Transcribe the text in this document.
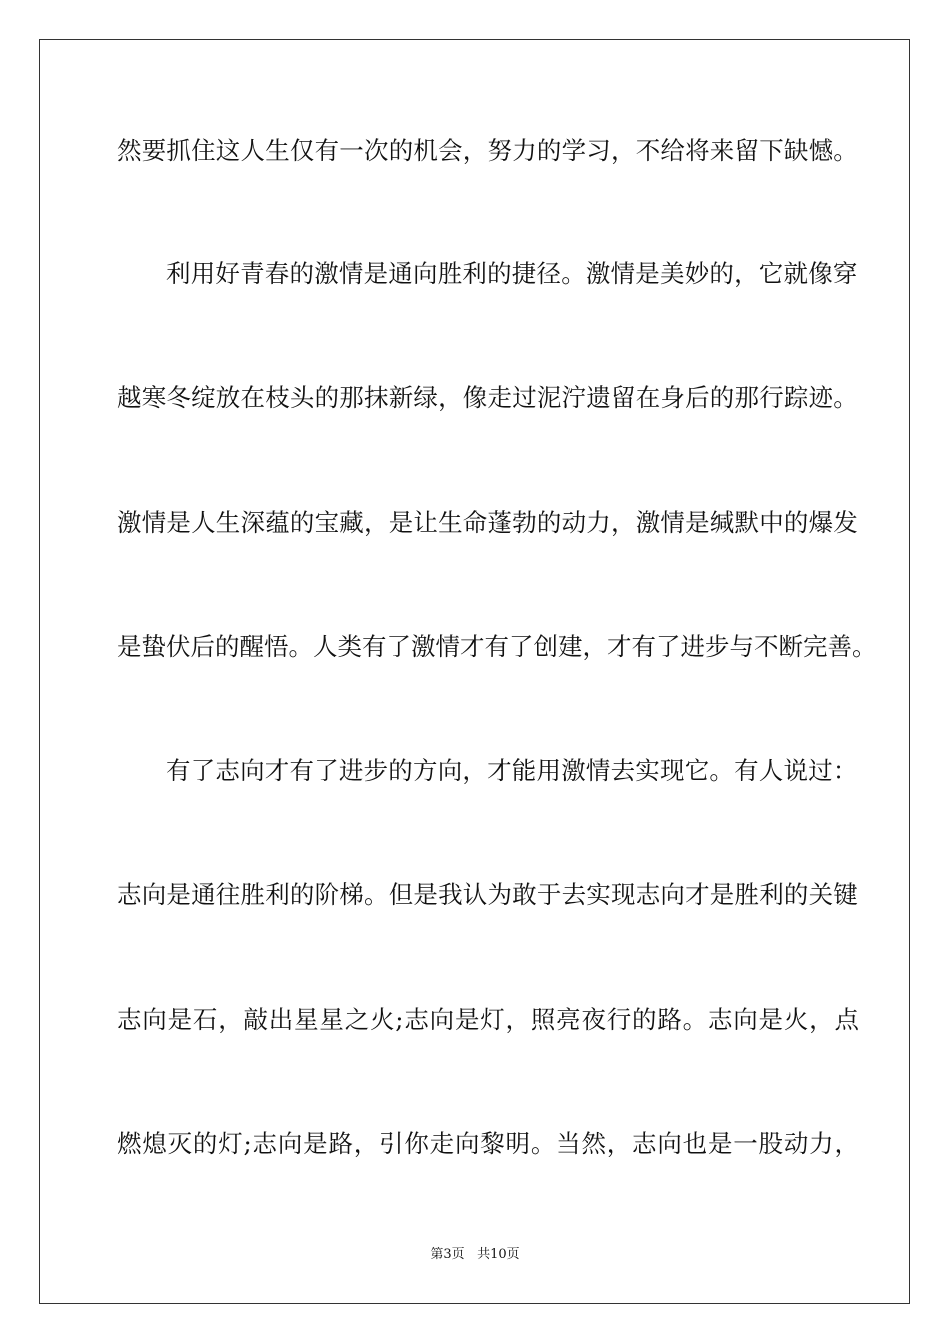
然要抓住这人生仅有一次的机会，努力的学习，不给将来留下缺憾。
利用好青春的激情是通向胜利的捷径。激情是美妙的，它就像穿
越寒冬绽放在枝头的那抹新绿，像走过泥泞遗留在身后的那行踪迹。
激情是人生深蕴的宝藏，是让生命蓬勃的动力，激情是缄默中的爆发
是蛰伏后的醒悟。人类有了激情才有了创建，才有了进步与不断完善。
有了志向才有了进步的方向，才能用激情去实现它。有人说过：
志向是通往胜利的阶梯。但是我认为敢于去实现志向才是胜利的关键
志向是石，敲出星星之火;志向是灯，照亮夜行的路。志向是火，点
燃熄灭的灯;志向是路，引你走向黎明。当然，志向也是一股动力，
第3页 共10页
